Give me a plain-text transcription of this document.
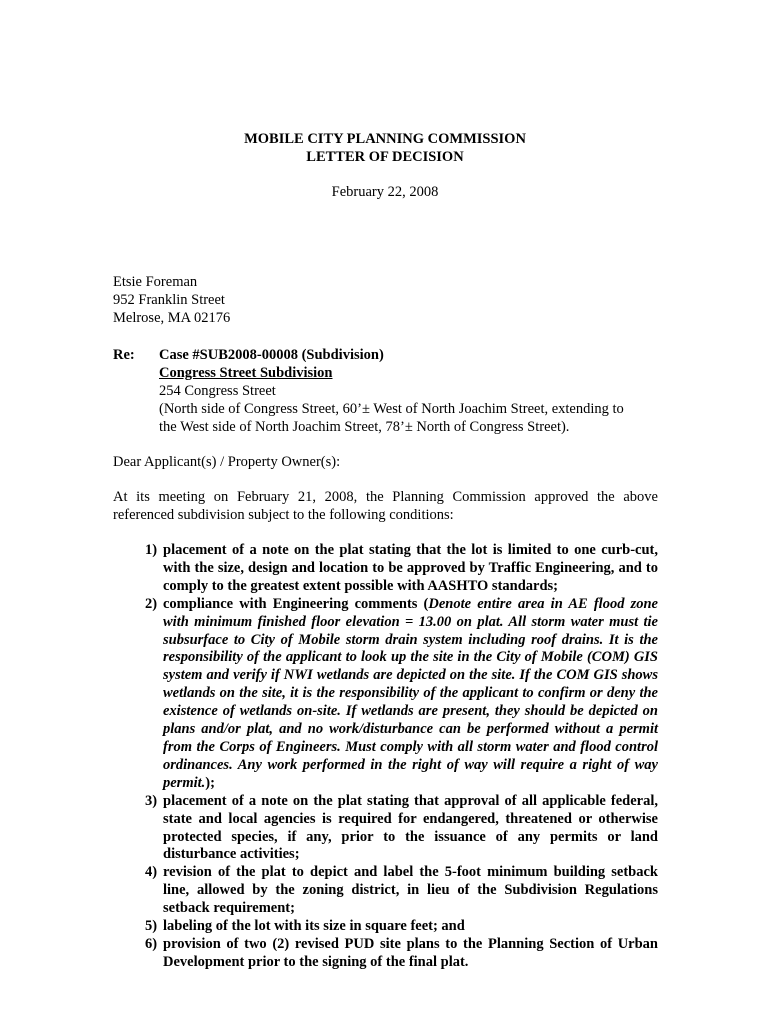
MOBILE CITY PLANNING COMMISSION
LETTER OF DECISION
February 22, 2008
Etsie Foreman
952 Franklin Street
Melrose, MA 02176
Re: Case #SUB2008-00008 (Subdivision)
Congress Street Subdivision
254 Congress Street
(North side of Congress Street, 60’± West of North Joachim Street, extending to
the West side of North Joachim Street, 78’± North of Congress Street).
Dear Applicant(s) / Property Owner(s):

At its meeting on February 21, 2008, the Planning Commission approved the above referenced subdivision subject to the following conditions:

1) placement of a note on the plat stating that the lot is limited to one curb-cut, with the size, design and location to be approved by Traffic Engineering, and to comply to the greatest extent possible with AASHTO standards;
2) compliance with Engineering comments (Denote entire area in AE flood zone with minimum finished floor elevation = 13.00 on plat. All storm water must tie subsurface to City of Mobile storm drain system including roof drains. It is the responsibility of the applicant to look up the site in the City of Mobile (COM) GIS system and verify if NWI wetlands are depicted on the site. If the COM GIS shows wetlands on the site, it is the responsibility of the applicant to confirm or deny the existence of wetlands on-site. If wetlands are present, they should be depicted on plans and/or plat, and no work/disturbance can be performed without a permit from the Corps of Engineers. Must comply with all storm water and flood control ordinances. Any work performed in the right of way will require a right of way permit.);
3) placement of a note on the plat stating that approval of all applicable federal, state and local agencies is required for endangered, threatened or otherwise protected species, if any, prior to the issuance of any permits or land disturbance activities;
4) revision of the plat to depict and label the 5-foot minimum building setback line, allowed by the zoning district, in lieu of the Subdivision Regulations setback requirement;
5) labeling of the lot with its size in square feet; and
6) provision of two (2) revised PUD site plans to the Planning Section of Urban Development prior to the signing of the final plat.
